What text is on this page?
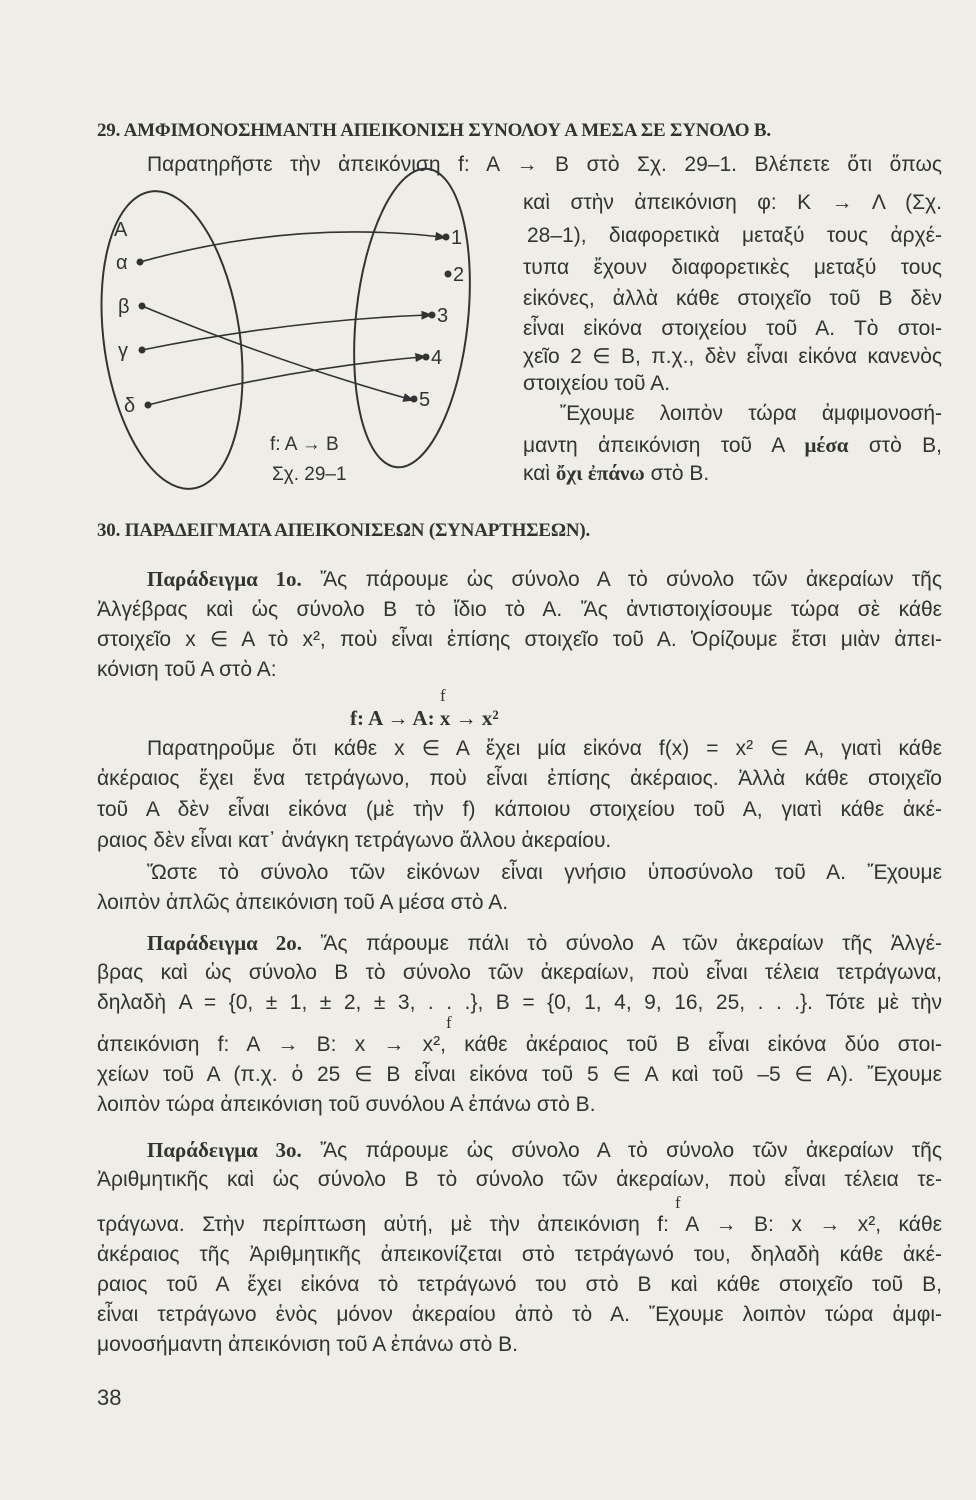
29. ΑΜΦΙΜΟΝΟΣΗΜΑΝΤΗ ΑΠΕΙΚΟΝΙΣΗ ΣΥΝΟΛΟΥ Α ΜΕΣΑ ΣΕ ΣΥΝΟΛΟ Β.
Παρατηρῆστε τὴν ἀπεικόνιση f: A → B στὸ Σχ. 29–1. Βλέπετε ὅτι ὅπως
καὶ στὴν ἀπεικόνιση φ: Κ → Λ (Σχ.
28–1), διαφορετικὰ μεταξύ τους ἀρχέ-
τυπα ἔχουν διαφορετικὲς μεταξύ τους
εἰκόνες, ἀλλὰ κάθε στοιχεῖο τοῦ Β δὲν
εἶναι εἰκόνα στοιχείου τοῦ Α. Τὸ στοι-
χεῖο 2 ∈ Β, π.χ., δὲν εἶναι εἰκόνα κανενὸς
στοιχείου τοῦ Α.
Ἔχουμε λοιπὸν τώρα ἀμφιμονοσή-
μαντη ἀπεικόνιση τοῦ Α μέσα στὸ Β,
καὶ ὄχι ἐπάνω στὸ Β.
30. ΠΑΡΑΔΕΙΓΜΑΤΑ ΑΠΕΙΚΟΝΙΣΕΩΝ (ΣΥΝΑΡΤΗΣΕΩΝ).
Παράδειγμα 1ο. Ἄς πάρουμε ὡς σύνολο Α τὸ σύνολο τῶν ἀκεραίων τῆς
Ἀλγέβρας καὶ ὡς σύνολο Β τὸ ἴδιο τὸ Α. Ἄς ἀντιστοιχίσουμε τώρα σὲ κάθε
στοιχεῖο x ∈ A τὸ x², ποὺ εἶναι ἐπίσης στοιχεῖο τοῦ Α. Ὁρίζουμε ἔτσι μιὰν ἀπει-
κόνιση τοῦ Α στὸ Α:
f: A → A: x → x²
Παρατηροῦμε ὅτι κάθε x ∈ A ἔχει μία εἰκόνα f(x) = x² ∈ A, γιατὶ κάθε
ἀκέραιος ἔχει ἕνα τετράγωνο, ποὺ εἶναι ἐπίσης ἀκέραιος. Ἀλλὰ κάθε στοιχεῖο
τοῦ Α δὲν εἶναι εἰκόνα (μὲ τὴν f) κάποιου στοιχείου τοῦ Α, γιατὶ κάθε ἀκέ-
ραιος δὲν εἶναι κατ᾽ ἀνάγκη τετράγωνο ἄλλου ἀκεραίου.
Ὥστε τὸ σύνολο τῶν εἰκόνων εἶναι γνήσιο ὑποσύνολο τοῦ Α. Ἔχουμε
λοιπὸν ἁπλῶς ἀπεικόνιση τοῦ Α μέσα στὸ Α.
Παράδειγμα 2ο. Ἄς πάρουμε πάλι τὸ σύνολο Α τῶν ἀκεραίων τῆς Ἀλγέ-
βρας καὶ ὡς σύνολο Β τὸ σύνολο τῶν ἀκεραίων, ποὺ εἶναι τέλεια τετράγωνα,
δηλαδὴ A = {0, ± 1, ± 2, ± 3, . . .}, B = {0, 1, 4, 9, 16, 25, . . .}. Τότε μὲ τὴν
ἀπεικόνιση f: A → B: x → x², κάθε ἀκέραιος τοῦ Β εἶναι εἰκόνα δύο στοι-
χείων τοῦ Α (π.χ. ὁ 25 ∈ B εἶναι εἰκόνα τοῦ 5 ∈ A καὶ τοῦ –5 ∈ A). Ἔχουμε
λοιπὸν τώρα ἀπεικόνιση τοῦ συνόλου Α ἐπάνω στὸ Β.
Παράδειγμα 3ο. Ἄς πάρουμε ὡς σύνολο Α τὸ σύνολο τῶν ἀκεραίων τῆς
Ἀριθμητικῆς καὶ ὡς σύνολο Β τὸ σύνολο τῶν ἀκεραίων, ποὺ εἶναι τέλεια τε-
τράγωνα. Στὴν περίπτωση αὐτή, μὲ τὴν ἀπεικόνιση f: A → B: x → x², κάθε
ἀκέραιος τῆς Ἀριθμητικῆς ἀπεικονίζεται στὸ τετράγωνό του, δηλαδὴ κάθε ἀκέ-
ραιος τοῦ Α ἔχει εἰκόνα τὸ τετράγωνό του στὸ Β καὶ κάθε στοιχεῖο τοῦ Β,
εἶναι τετράγωνο ἑνὸς μόνον ἀκεραίου ἀπὸ τὸ Α. Ἔχουμε λοιπὸν τώρα ἀμφι-
μονοσήμαντη ἀπεικόνιση τοῦ Α ἐπάνω στὸ Β.
f
f
f
A
α
β
γ
δ
1
2
3
4
5
f: A → B
Σχ. 29–1
38
